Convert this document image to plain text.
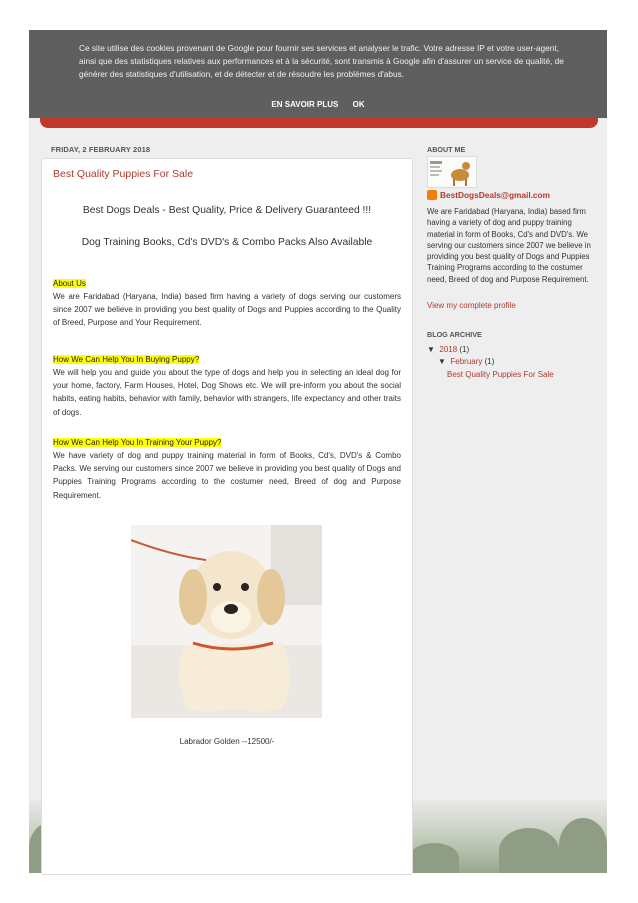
Ce site utilise des cookies provenant de Google pour fournir ses services et analyser le trafic. Votre adresse IP et votre user-agent, ainsi que des statistiques relatives aux performances et à la sécurité, sont transmis à Google afin d'assurer un service de qualité, de générer des statistiques d'utilisation, et de détecter et de résoudre les problèmes d'abus.
EN SAVOIR PLUS OK
FRIDAY, 2 FEBRUARY 2018
Best Quality Puppies For Sale
Best Dogs Deals - Best Quality, Price & Delivery Guaranteed !!!
Dog Training Books, Cd's DVD's & Combo Packs Also Available
About Us
We are Faridabad (Haryana, India) based firm having a variety of dogs serving our customers since 2007 we believe in providing you best quality of Dogs and Puppies according to the Quality of Breed, Purpose and Your Requirement.
How We Can Help You In Buying Puppy?
We will help you and guide you about the type of dogs and help you in selecting an ideal dog for your home, factory, Farm Houses, Hotel, Dog Shows etc. We will pre-inform you about the social habits, eating habits, behavior with family, behavior with strangers, life expectancy and other traits of dogs.
How We Can Help You In Training Your Puppy?
We have variety of dog and puppy training material in form of Books, Cd's, DVD's & Combo Packs. We serving our customers since 2007 we believe in providing you best quality of Dogs and Puppies Training Programs according to the costumer need, Breed of dog and Purpose Requirement.
Labrador Golden --12500/-
ABOUT ME
BestDogsDeals@gmail.com
We are Faridabad (Haryana, India) based firm having a variety of dog and puppy training material in form of Books, Cd's and DVD's. We serving our customers since 2007 we believe in providing you best quality of Dogs and Puppies Training Programs according to the costumer need, Breed of dog and Purpose Requirement.
View my complete profile
BLOG ARCHIVE
▼ 2018 (1)
▼ February (1)
Best Quality Puppies For Sale
